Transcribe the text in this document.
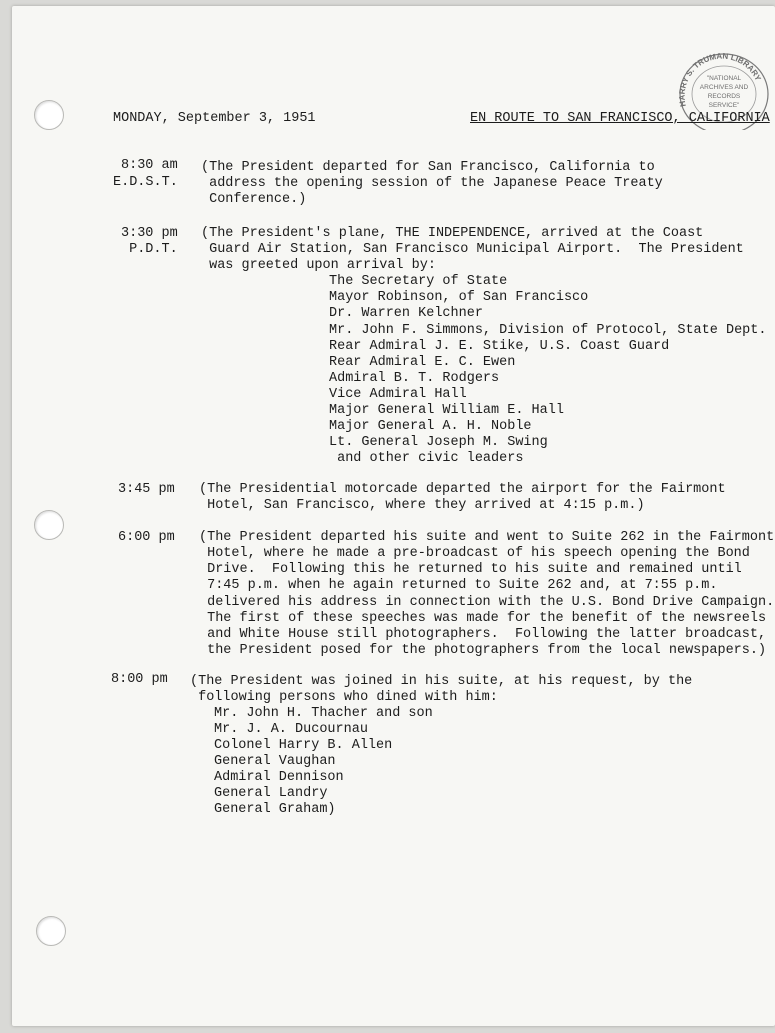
HARRY S. TRUMAN LIBRARY
"NATIONAL
ARCHIVES AND
RECORDS
SERVICE"
MONDAY, September 3, 1951	EN ROUTE TO SAN FRANCISCO, CALIFORNIA
8:30 am
E.D.S.T.
(The President departed for San Francisco, California to
address the opening session of the Japanese Peace Treaty
Conference.)
3:30 pm
P.D.T.
(The President's plane, THE INDEPENDENCE, arrived at the Coast
Guard Air Station, San Francisco Municipal Airport.  The President
was greeted upon arrival by:
The Secretary of State
Mayor Robinson, of San Francisco
Dr. Warren Kelchner
Mr. John F. Simmons, Division of Protocol, State Dept.
Rear Admiral J. E. Stike, U.S. Coast Guard
Rear Admiral E. C. Ewen
Admiral B. T. Rodgers
Vice Admiral Hall
Major General William E. Hall
Major General A. H. Noble
Lt. General Joseph M. Swing
and other civic leaders
3:45 pm (The Presidential motorcade departed the airport for the Fairmont
Hotel, San Francisco, where they arrived at 4:15 p.m.)
6:00 pm (The President departed his suite and went to Suite 262 in the Fairmont
Hotel, where he made a pre-broadcast of his speech opening the Bond
Drive.  Following this he returned to his suite and remained until
7:45 p.m. when he again returned to Suite 262 and, at 7:55 p.m.
delivered his address in connection with the U.S. Bond Drive Campaign.
The first of these speeches was made for the benefit of the newsreels
and White House still photographers.  Following the latter broadcast,
the President posed for the photographers from the local newspapers.)
8:00 pm (The President was joined in his suite, at his request, by the
following persons who dined with him:
Mr. John H. Thacher and son
Mr. J. A. Ducournau
Colonel Harry B. Allen
General Vaughan
Admiral Dennison
General Landry
General Graham)
